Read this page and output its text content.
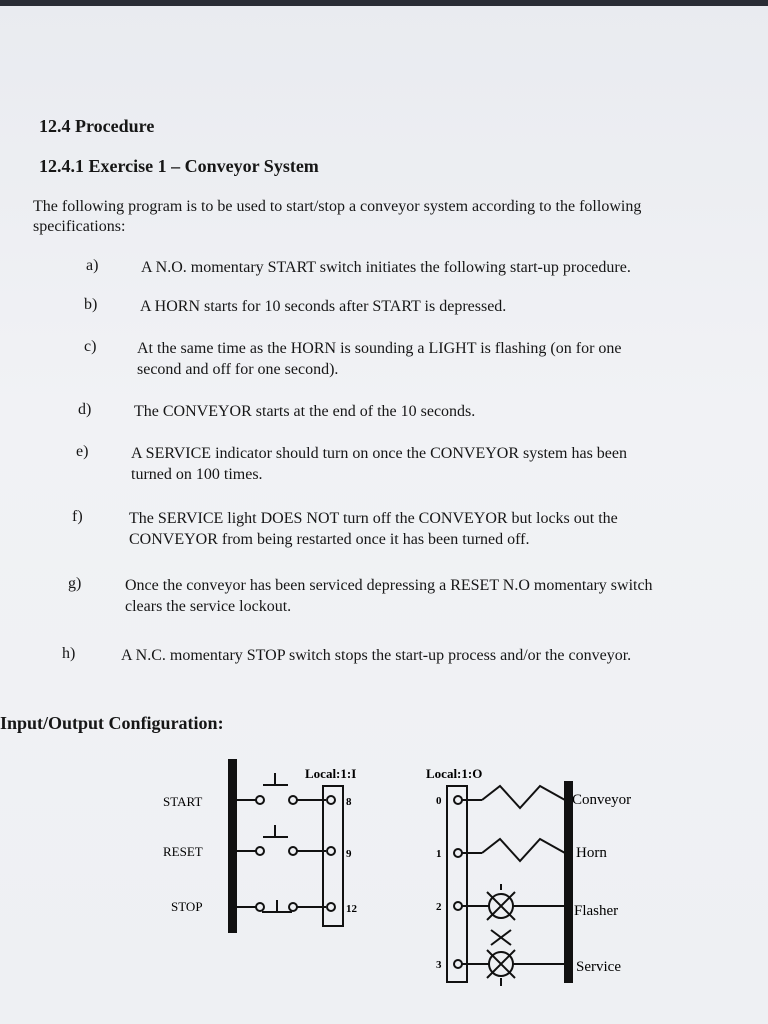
12.4 Procedure
12.4.1 Exercise 1 – Conveyor System
The following program is to be used to start/stop a conveyor system according to the following
specifications:
a)	A N.O. momentary START switch initiates the following start-up procedure.
b)	A HORN starts for 10 seconds after START is depressed.
c)	At the same time as the HORN is sounding a LIGHT is flashing (on for one
second and off for one second).
d)	The CONVEYOR starts at the end of the 10 seconds.
e)	A SERVICE indicator should turn on once the CONVEYOR system has been
turned on 100 times.
f)	The SERVICE light DOES NOT turn off the CONVEYOR but locks out the
CONVEYOR from being restarted once it has been turned off.
g)	Once the conveyor has been serviced depressing a RESET N.O momentary switch
clears the service lockout.
h)	A N.C. momentary STOP switch stops the start-up process and/or the conveyor.
Input/Output Configuration:
Local:1:I	Local:1:O
START	8
RESET	9
STOP	12
0	Conveyor
1	Horn
2	Flasher
3	Service
